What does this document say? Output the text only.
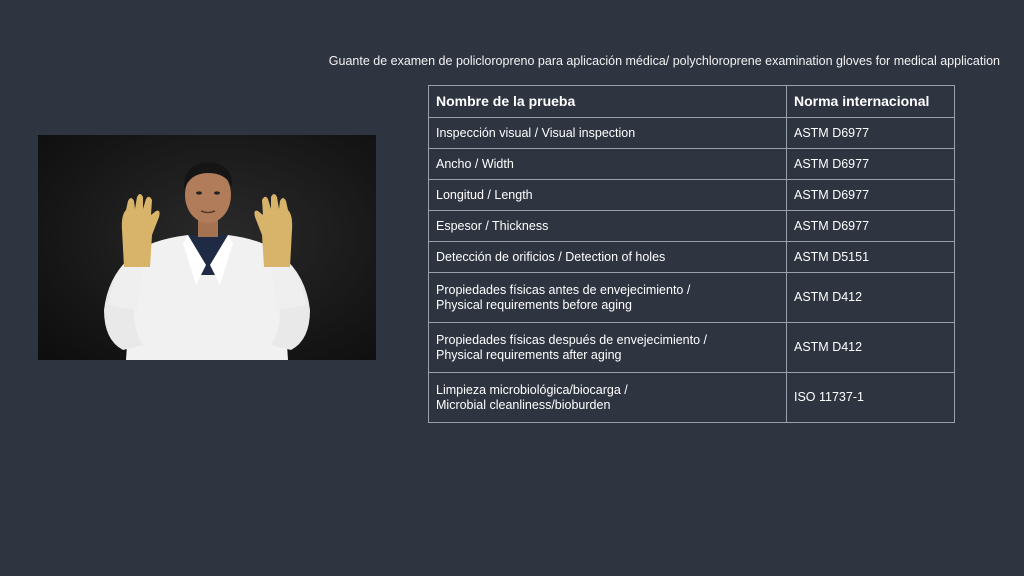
Guante de examen de policloropreno para aplicación médica/ polychloroprene examination gloves for medical application
Nombre de la prueba	Norma internacional
Inspección visual / Visual inspection	ASTM D6977
Ancho / Width	ASTM D6977
Longitud / Length	ASTM D6977
Espesor / Thickness	ASTM D6977
Detección de orificios / Detection of holes	ASTM D5151
Propiedades físicas antes de envejecimiento /
Physical requirements before aging	ASTM D412
Propiedades físicas después de envejecimiento /
Physical requirements after aging	ASTM D412
Limpieza microbiológica/biocarga /
Microbial cleanliness/bioburden	ISO 11737-1
